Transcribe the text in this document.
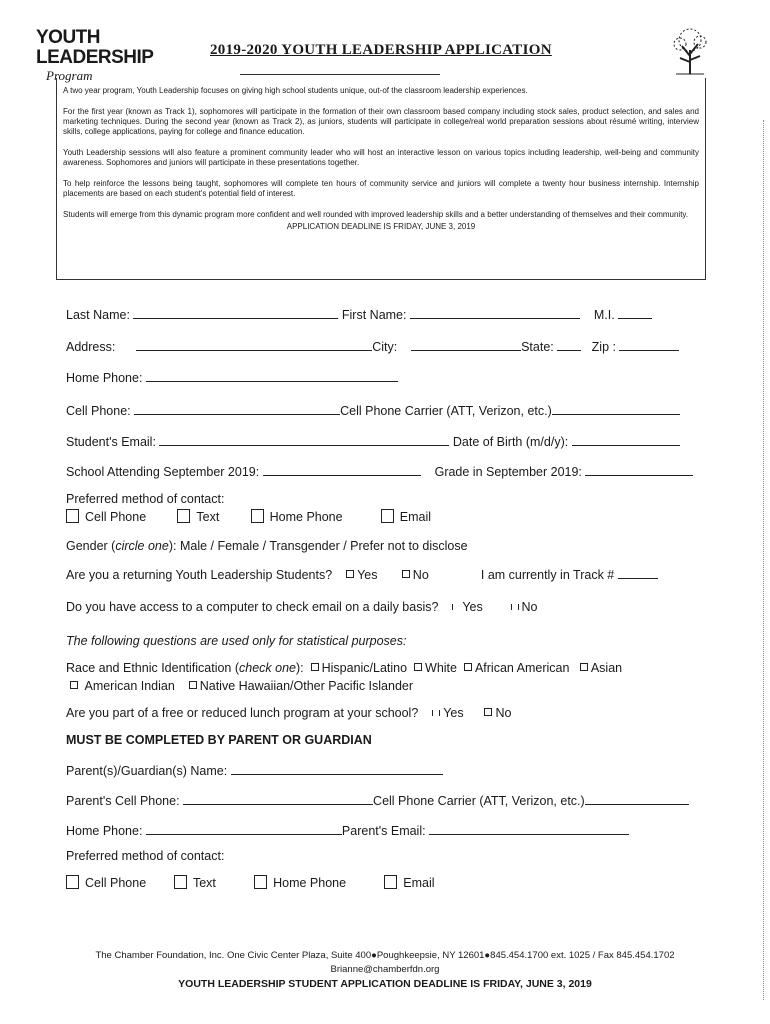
YOUTH LEADERSHIP
Program
2019-2020 YOUTH LEADERSHIP APPLICATION

A two year program, Youth Leadership focuses on giving high school students unique, out-of the classroom leadership experiences.

For the first year (known as Track 1), sophomores will participate in the formation of their own classroom based company including stock sales, product selection, and sales and marketing techniques. During the second year (known as Track 2), as juniors, students will participate in college/real world preparation sessions about résumé writing, interview skills, college applications, paying for college and finance education.

Youth Leadership sessions will also feature a prominent community leader who will host an interactive lesson on various topics including leadership, well-being and community awareness. Sophomores and juniors will participate in these presentations together.

To help reinforce the lessons being taught, sophomores will complete ten hours of community service and juniors will complete a twenty hour business internship. Internship placements are based on each student's potential field of interest.

Students will emerge from this dynamic program more confident and well rounded with improved leadership skills and a better understanding of themselves and their community.

APPLICATION DEADLINE IS FRIDAY, JUNE 3, 2019
Last Name:	First Name:	M.I.
Address:	City:	State:	Zip :
Home Phone:
Cell Phone:	Cell Phone Carrier (ATT, Verizon, etc.)
Student's Email:	Date of Birth (m/d/y):
School Attending September 2019:	Grade in September 2019:
Preferred method of contact:
Cell Phone	Text	Home Phone	Email
Gender (circle one): Male / Female / Transgender / Prefer not to disclose
Are you a returning Youth Leadership Students? Yes	No	I am currently in Track #
Do you have access to a computer to check email on a daily basis? Yes	No
The following questions are used only for statistical purposes:
Race and Ethnic Identification (check one): Hispanic/Latino White African American Asian
American Indian Native Hawaiian/Other Pacific Islander
Are you part of a free or reduced lunch program at your school? Yes	No
MUST BE COMPLETED BY PARENT OR GUARDIAN
Parent(s)/Guardian(s) Name:
Parent's Cell Phone:	Cell Phone Carrier (ATT, Verizon, etc.)
Home Phone:	Parent's Email:
Preferred method of contact:
Cell Phone	Text	Home Phone	Email
The Chamber Foundation, Inc. One Civic Center Plaza, Suite 400●Poughkeepsie, NY 12601●845.454.1700 ext. 1025 / Fax 845.454.1702
Brianne@chamberfdn.org
YOUTH LEADERSHIP STUDENT APPLICATION DEADLINE IS FRIDAY, JUNE 3, 2019
